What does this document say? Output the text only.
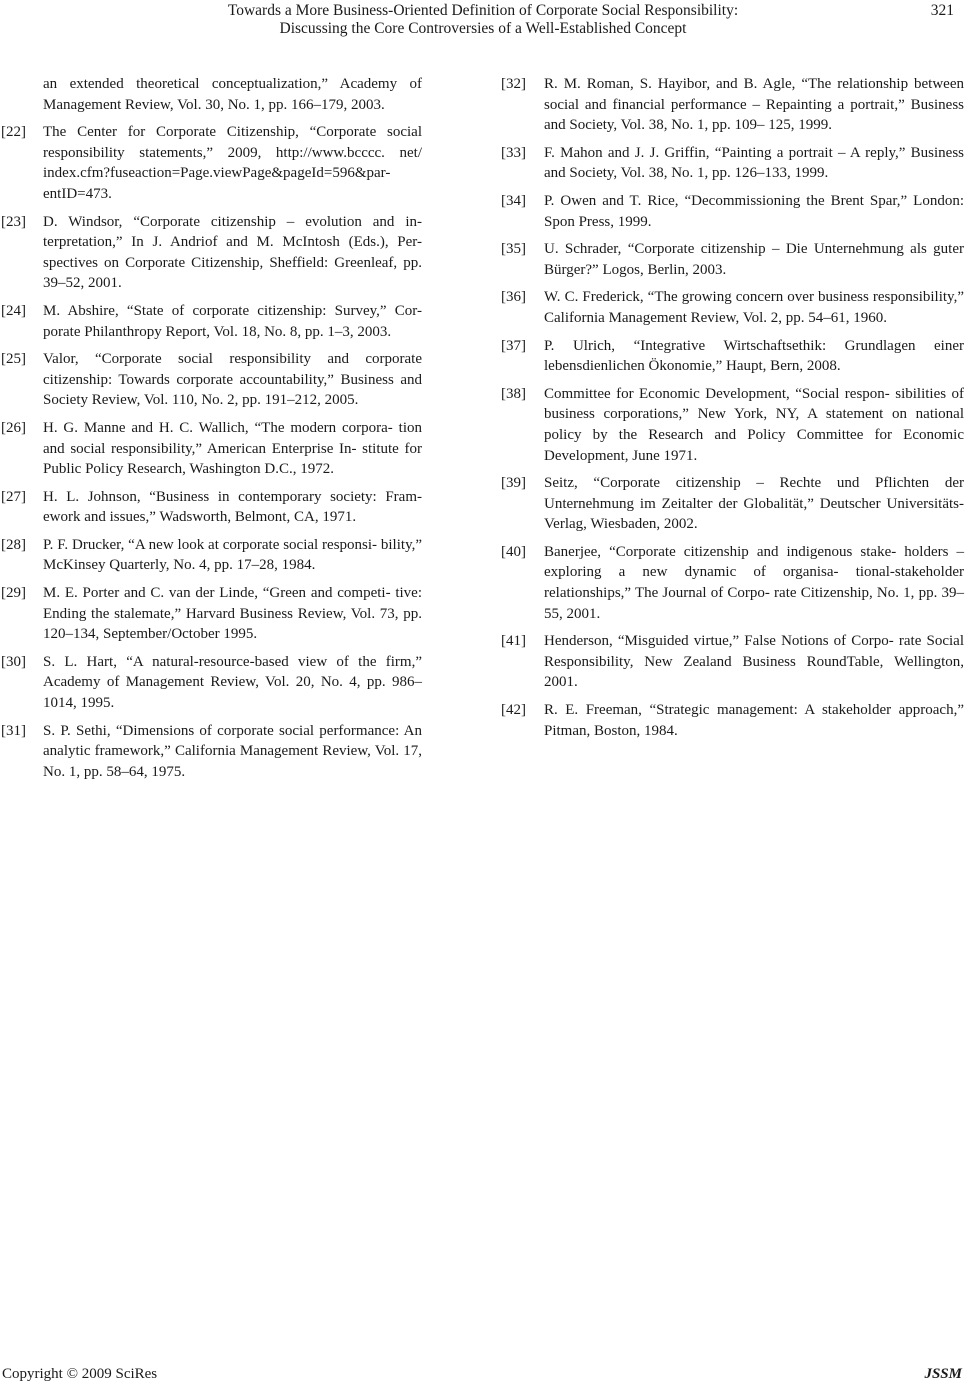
Towards a More Business-Oriented Definition of Corporate Social Responsibility:
Discussing the Core Controversies of a Well-Established Concept
321
an extended theoretical conceptualization,” Academy of Management Review, Vol. 30, No. 1, pp. 166–179, 2003.
[22]	The Center for Corporate Citizenship, “Corporate social responsibility statements,” 2009, http://www.bcccc. net/ index.cfm?fuseaction=Page.viewPage&pageId=596&par- entID=473.
[23]	D. Windsor, “Corporate citizenship – evolution and in- terpretation,” In J. Andriof and M. McIntosh (Eds.), Per- spectives on Corporate Citizenship, Sheffield: Greenleaf, pp. 39–52, 2001.
[24]	M. Abshire, “State of corporate citizenship: Survey,” Cor- porate Philanthropy Report, Vol. 18, No. 8, pp. 1–3, 2003.
[25]	Valor, “Corporate social responsibility and corporate citizenship: Towards corporate accountability,” Business and Society Review, Vol. 110, No. 2, pp. 191–212, 2005.
[26]	H. G. Manne and H. C. Wallich, “The modern corpora- tion and social responsibility,” American Enterprise In- stitute for Public Policy Research, Washington D.C., 1972.
[27]	H. L. Johnson, “Business in contemporary society: Fram- ework and issues,” Wadsworth, Belmont, CA, 1971.
[28]	P. F. Drucker, “A new look at corporate social responsi- bility,” McKinsey Quarterly, No. 4, pp. 17–28, 1984.
[29]	M. E. Porter and C. van der Linde, “Green and competi- tive: Ending the stalemate,” Harvard Business Review, Vol. 73, pp. 120–134, September/October 1995.
[30]	S. L. Hart, “A natural-resource-based view of the firm,” Academy of Management Review, Vol. 20, No. 4, pp. 986–1014, 1995.
[31]	S. P. Sethi, “Dimensions of corporate social performance: An analytic framework,” California Management Review, Vol. 17, No. 1, pp. 58–64, 1975.
[32]	R. M. Roman, S. Hayibor, and B. Agle, “The relationship between social and financial performance – Repainting a portrait,” Business and Society, Vol. 38, No. 1, pp. 109– 125, 1999.
[33]	F. Mahon and J. J. Griffin, “Painting a portrait – A reply,” Business and Society, Vol. 38, No. 1, pp. 126–133, 1999.
[34]	P. Owen and T. Rice, “Decommissioning the Brent Spar,” London: Spon Press, 1999.
[35]	U. Schrader, “Corporate citizenship – Die Unternehmung als guter Bürger?” Logos, Berlin, 2003.
[36]	W. C. Frederick, “The growing concern over business responsibility,” California Management Review, Vol. 2, pp. 54–61, 1960.
[37]	P. Ulrich, “Integrative Wirtschaftsethik: Grundlagen einer lebensdienlichen Ökonomie,” Haupt, Bern, 2008.
[38]	Committee for Economic Development, “Social respon- sibilities of business corporations,” New York, NY, A statement on national policy by the Research and Policy Committee for Economic Development, June 1971.
[39]	Seitz, “Corporate citizenship – Rechte und Pflichten der Unternehmung im Zeitalter der Globalität,” Deutscher Universitäts-Verlag, Wiesbaden, 2002.
[40]	Banerjee, “Corporate citizenship and indigenous stake- holders – exploring a new dynamic of organisa- tional-stakeholder relationships,” The Journal of Corpo- rate Citizenship, No. 1, pp. 39–55, 2001.
[41]	Henderson, “Misguided virtue,” False Notions of Corpo- rate Social Responsibility, New Zealand Business RoundTable, Wellington, 2001.
[42]	R. E. Freeman, “Strategic management: A stakeholder approach,” Pitman, Boston, 1984.
Copyright © 2009 SciRes	JSSM
